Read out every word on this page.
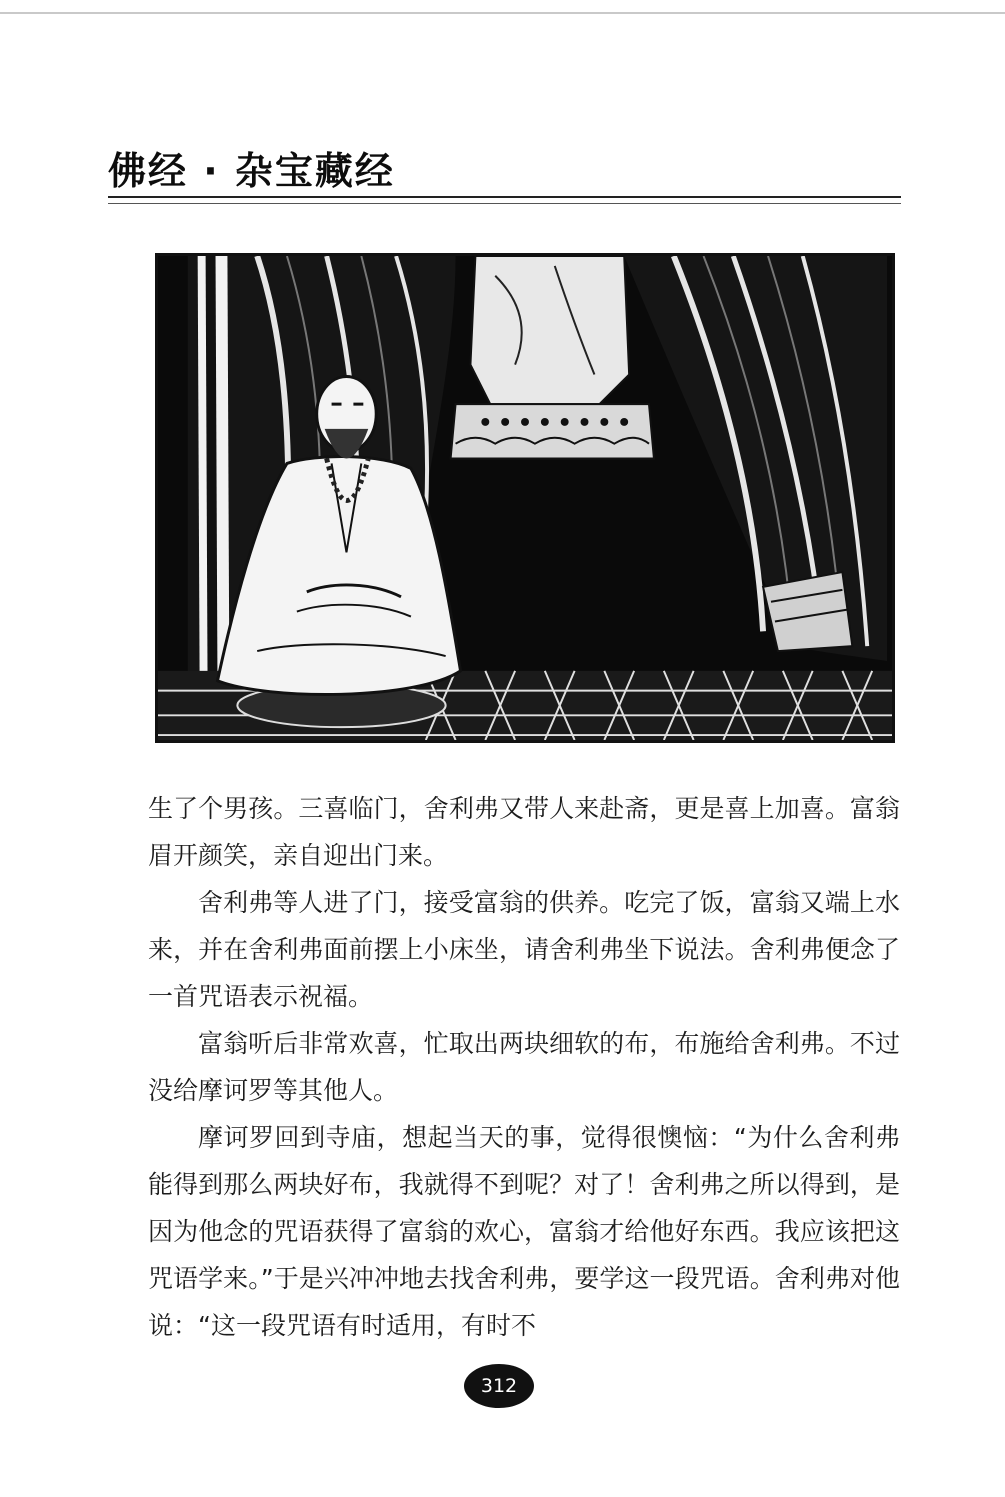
佛经 · 杂宝藏经

生了个男孩。三喜临门，舍利弗又带人来赴斋，更是喜上加喜。富翁眉开颜笑，亲自迎出门来。

舍利弗等人进了门，接受富翁的供养。吃完了饭，富翁又端上水来，并在舍利弗面前摆上小床坐，请舍利弗坐下说法。舍利弗便念了一首咒语表示祝福。

富翁听后非常欢喜，忙取出两块细软的布，布施给舍利弗。不过没给摩诃罗等其他人。

摩诃罗回到寺庙，想起当天的事，觉得很懊恼：“为什么舍利弗能得到那么两块好布，我就得不到呢？对了！舍利弗之所以得到，是因为他念的咒语获得了富翁的欢心，富翁才给他好东西。我应该把这咒语学来。”于是兴冲冲地去找舍利弗，要学这一段咒语。舍利弗对他说：“这一段咒语有时适用，有时不

312
